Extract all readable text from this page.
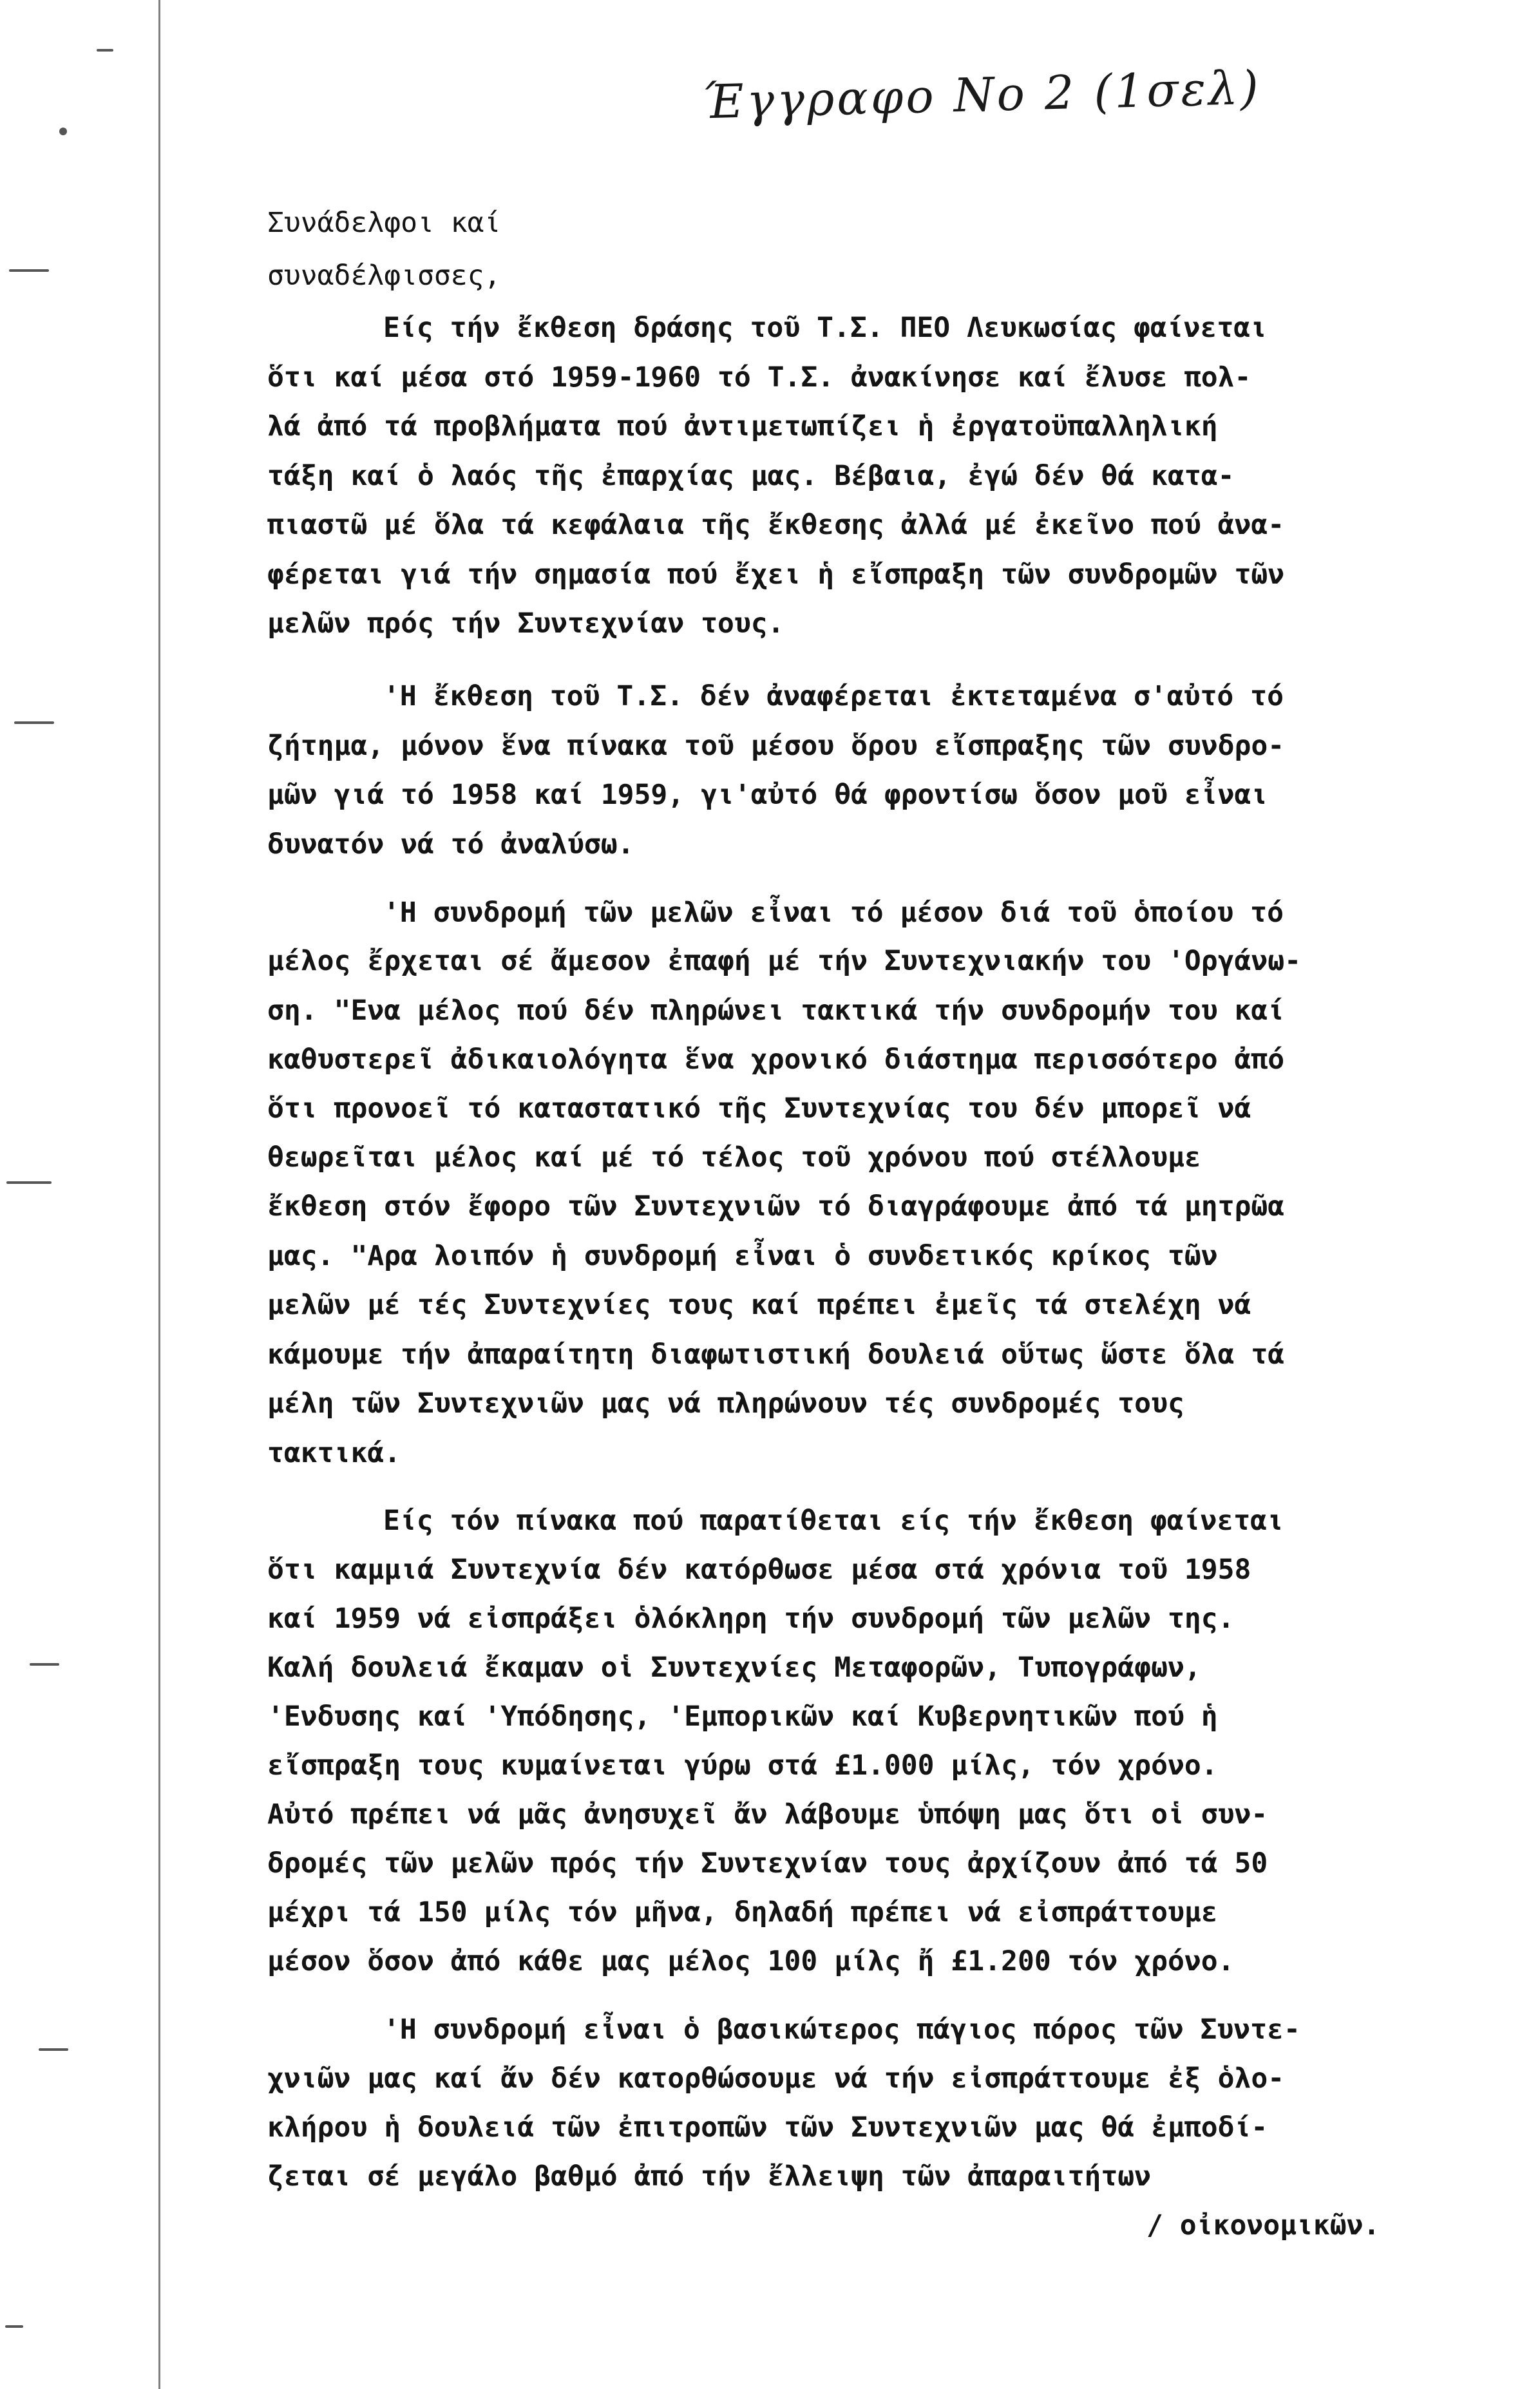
Έγγραφο No 2 (1σελ)
Συνάδελφοι καί
συναδέλφισσες,
Είς τήν ἔκθεση δράσης τοῦ Τ.Σ. ΠΕΟ Λευκωσίας φαίνεται
ὅτι καί μέσα στό 1959-1960 τό Τ.Σ. ἀνακίνησε καί ἔλυσε πολ-
λά ἀπό τά προβλήματα πού ἀντιμετωπίζει ἡ ἐργατοϋπαλληλική
τάξη καί ὁ λαός τῆς ἐπαρχίας μας. Βέβαια, ἐγώ δέν θά κατα-
πιαστῶ μέ ὅλα τά κεφάλαια τῆς ἔκθεσης ἀλλά μέ ἐκεῖνο πού ἀνα-
φέρεται γιά τήν σημασία πού ἔχει ἡ εἴσπραξη τῶν συνδρομῶν τῶν
μελῶν πρός τήν Συντεχνίαν τους.
'Η ἔκθεση τοῦ Τ.Σ. δέν ἀναφέρεται ἐκτεταμένα σ'αὐτό τό
ζήτημα, μόνον ἕνα πίνακα τοῦ μέσου ὅρου εἴσπραξης τῶν συνδρο-
μῶν γιά τό 1958 καί 1959, γι'αὐτό θά φροντίσω ὅσον μοῦ εἶναι
δυνατόν νά τό ἀναλύσω.
'Η συνδρομή τῶν μελῶν εἶναι τό μέσον διά τοῦ ὁποίου τό
μέλος ἔρχεται σέ ἄμεσον ἐπαφή μέ τήν Συντεχνιακήν του 'Οργάνω-
ση. "Ενα μέλος πού δέν πληρώνει τακτικά τήν συνδρομήν του καί
καθυστερεῖ ἀδικαιολόγητα ἕνα χρονικό διάστημα περισσότερο ἀπό
ὅτι προνοεῖ τό καταστατικό τῆς Συντεχνίας του δέν μπορεῖ νά
θεωρεῖται μέλος καί μέ τό τέλος τοῦ χρόνου πού στέλλουμε
ἔκθεση στόν ἔφορο τῶν Συντεχνιῶν τό διαγράφουμε ἀπό τά μητρῶα
μας. "Αρα λοιπόν ἡ συνδρομή εἶναι ὁ συνδετικός κρίκος τῶν
μελῶν μέ τές Συντεχνίες τους καί πρέπει ἐμεῖς τά στελέχη νά
κάμουμε τήν ἀπαραίτητη διαφωτιστική δουλειά οὕτως ὥστε ὅλα τά
μέλη τῶν Συντεχνιῶν μας νά πληρώνουν τές συνδρομές τους
τακτικά.
Είς τόν πίνακα πού παρατίθεται είς τήν ἔκθεση φαίνεται
ὅτι καμμιά Συντεχνία δέν κατόρθωσε μέσα στά χρόνια τοῦ 1958
καί 1959 νά εἰσπράξει ὁλόκληρη τήν συνδρομή τῶν μελῶν της.
Καλή δουλειά ἔκαμαν οἱ Συντεχνίες Μεταφορῶν, Τυπογράφων,
'Ενδυσης καί 'Υπόδησης, 'Εμπορικῶν καί Κυβερνητικῶν πού ἡ
εἴσπραξη τους κυμαίνεται γύρω στά £1.000 μίλς, τόν χρόνο.
Αὐτό πρέπει νά μᾶς ἀνησυχεῖ ἄν λάβουμε ὑπόψη μας ὅτι οἱ συν-
δρομές τῶν μελῶν πρός τήν Συντεχνίαν τους ἀρχίζουν ἀπό τά 50
μέχρι τά 150 μίλς τόν μῆνα, δηλαδή πρέπει νά εἰσπράττουμε
μέσον ὅσον ἀπό κάθε μας μέλος 100 μίλς ἤ £1.200 τόν χρόνο.
'Η συνδρομή εἶναι ὁ βασικώτερος πάγιος πόρος τῶν Συντε-
χνιῶν μας καί ἄν δέν κατορθώσουμε νά τήν εἰσπράττουμε ἐξ ὁλο-
κλήρου ἡ δουλειά τῶν ἐπιτροπῶν τῶν Συντεχνιῶν μας θά ἐμποδί-
ζεται σέ μεγάλο βαθμό ἀπό τήν ἔλλειψη τῶν ἀπαραιτήτων
/ οἰκονομικῶν.
